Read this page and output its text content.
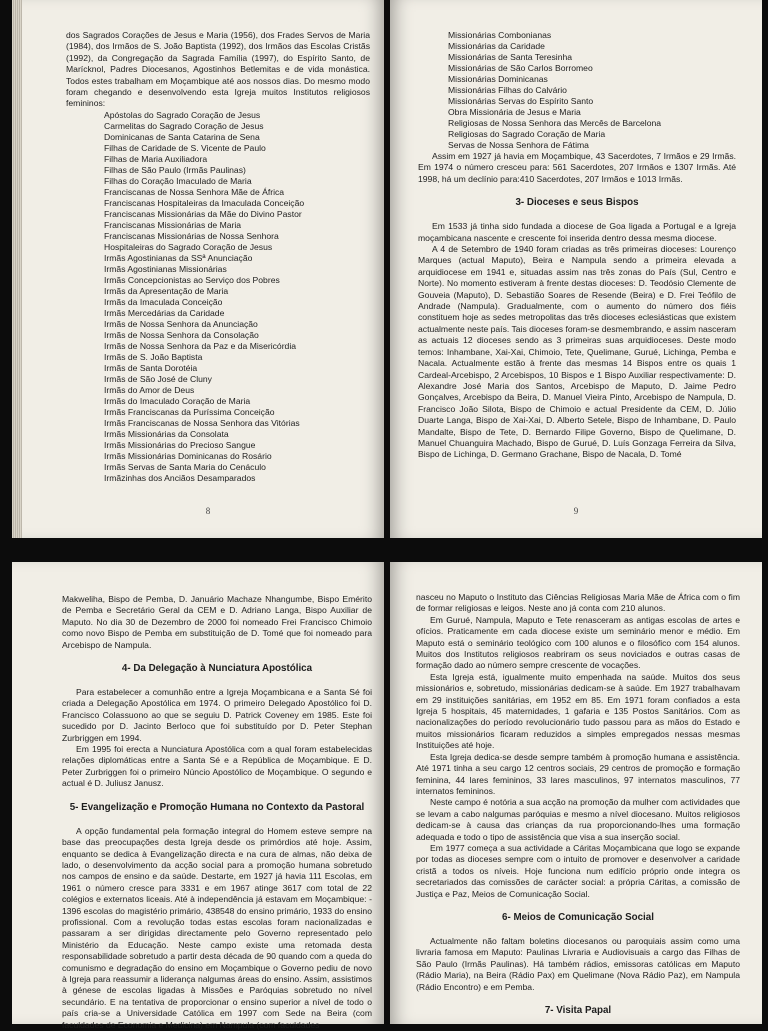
dos Sagrados Corações de Jesus e Maria (1956), dos Frades Servos de Maria (1984), dos Irmãos de S. João Baptista (1992), dos Irmãos das Escolas Cristãs (1992), da Congregação da Sagrada Família (1997), do Espírito Santo, de Marícknol, Padres Diocesanos, Agostinhos Betlemitas e de vida monástica. Todos estes trabalham em Moçambique até aos nossos dias. Do mesmo modo foram chegando e desenvolvendo esta Igreja muitos Institutos religiosos femininos:

Apóstolas do Sagrado Coração de Jesus
Carmelitas do Sagrado Coração de Jesus
Dominicanas de Santa Catarina de Sena
Filhas de Caridade de S. Vicente de Paulo
Filhas de Maria Auxiliadora
Filhas de São Paulo (Irmãs Paulinas)
Filhas do Coração Imaculado de Maria
Franciscanas de Nossa Senhora Mãe de África
Franciscanas Hospitaleiras da Imaculada Conceição
Franciscanas Missionárias da Mãe do Divino Pastor
Franciscanas Missionárias de Maria
Franciscanas Missionárias de Nossa Senhora
Hospitaleiras do Sagrado Coração de Jesus
Irmãs Agostinianas da SSª Anunciação
Irmãs Agostinianas Missionárias
Irmãs Concepcionistas ao Serviço dos Pobres
Irmãs da Apresentação de Maria
Irmãs da Imaculada Conceição
Irmãs Mercedárias da Caridade
Irmãs de Nossa Senhora da Anunciação
Irmãs de Nossa Senhora da Consolação
Irmãs de Nossa Senhora da Paz e da Misericórdia
Irmãs de S. João Baptista
Irmãs de Santa Dorotéia
Irmãs de São José de Cluny
Irmãs do Amor de Deus
Irmãs do Imaculado Coração de Maria
Irmãs Franciscanas da Puríssima Conceição
Irmãs Franciscanas de Nossa Senhora das Vitórias
Irmãs Missionárias da Consolata
Irmãs Missionárias do Precioso Sangue
Irmãs Missionárias Dominicanas do Rosário
Irmãs Servas de Santa Maria do Cenáculo
Irmãzinhas dos Anciãos Desamparados
8
Missionárias Combonianas
Missionárias da Caridade
Missionárias de Santa Teresinha
Missionárias de São Carlos Borromeo
Missionárias Dominicanas
Missionárias Filhas do Calvário
Missionárias Servas do Espírito Santo
Obra Missionária de Jesus e Maria
Religiosas de Nossa Senhora das Mercês de Barcelona
Religiosas do Sagrado Coração de Maria
Servas de Nossa Senhora de Fátima

Assim em 1927 já havia em Moçambique, 43 Sacerdotes, 7 Irmãos e 29 Irmãs. Em 1974 o número cresceu para: 561 Sacerdotes, 207 Irmãos e 1307 Irmãs. Até 1998, há um declínio para:410 Sacerdotes, 207 Irmãos e 1013 Irmãs.

3- Dioceses e seus Bispos

Em 1533 já tinha sido fundada a diocese de Goa ligada a Portugal e a Igreja moçambicana nascente e crescente foi inserida dentro dessa mesma diocese.

A 4 de Setembro de 1940 foram criadas as três primeiras dioceses: Lourenço Marques (actual Maputo), Beira e Nampula sendo a primeira elevada a arquidiocese em 1941 e, situadas assim nas três zonas do País (Sul, Centro e Norte). No momento estiveram à frente destas dioceses: D. Teodósio Clemente de Gouveia (Maputo), D. Sebastião Soares de Resende (Beira) e D. Frei Teófilo de Andrade (Nampula). Gradualmente, com o aumento do número dos fiéis constituem hoje as sedes metropolitas das três dioceses eclesiásticas que existem actualmente neste país. Tais dioceses foram-se desmembrando, e assim nasceram as actuais 12 dioceses sendo as 3 primeiras suas arquidioceses. Deste modo temos: Inhambane, Xai-Xai, Chimoio, Tete, Quelimane, Gurué, Lichinga, Pemba e Nacala. Actualmente estão à frente das mesmas 14 Bispos entre os quais 1 Cardeal-Arcebispo, 2 Arcebispos, 10 Bispos e 1 Bispo Auxiliar respectivamente: D. Alexandre José Maria dos Santos, Arcebispo de Maputo, D. Jaime Pedro Gonçalves, Arcebispo da Beira, D. Manuel Vieira Pinto, Arcebispo de Nampula, D. Francisco João Silota, Bispo de Chimoio e actual Presidente da CEM, D. Júlio Duarte Langa, Bispo de Xai-Xai, D. Alberto Setele, Bispo de Inhambane, D. Paulo Mandalte, Bispo de Tete, D. Bernardo Filipe Governo, Bispo de Quelimane, D. Manuel Chuanguira Machado, Bispo de Gurué, D. Luís Gonzaga Ferreira da Silva, Bispo de Lichinga, D. Germano Grachane, Bispo de Nacala, D. Tomé

9

Makweliha, Bispo de Pemba, D. Januário Machaze Nhangumbe, Bispo Emérito de Pemba e Secretário Geral da CEM e D. Adriano Langa, Bispo Auxiliar de Maputo. No dia 30 de Dezembro de 2000 foi nomeado Frei Francisco Chimoio como novo Bispo de Pemba em substituição de D. Tomé que foi nomeado para Arcebispo de Nampula.

4- Da Delegação à Nunciatura Apostólica

Para estabelecer a comunhão entre a Igreja Moçambicana e a Santa Sé foi criada a Delegação Apostólica em 1974. O primeiro Delegado Apostólico foi D. Francisco Colassuono ao que se seguiu D. Patrick Coveney em 1985. Este foi sucedido por D. Jacinto Berloco que foi substituído por D. Peter Stephan Zurbriggen em 1994.

Em 1995 foi erecta a Nunciatura Apostólica com a qual foram estabelecidas relações diplomáticas entre a Santa Sé e a República de Moçambique. E D. Peter Zurbriggen foi o primeiro Núncio Apostólico de Moçambique. O segundo e actual é D. Juliusz Janusz.

5- Evangelização e Promoção Humana no Contexto da Pastoral

A opção fundamental pela formação integral do Homem esteve sempre na base das preocupações desta Igreja desde os primórdios até hoje. Assim, enquanto se dedica à Evangelização directa e na cura de almas, não deixa de lado, o desenvolvimento da acção social para a promoção humana sobretudo nos campos de ensino e da saúde. Destarte, em 1927 já havia 111 Escolas, em 1961 o número cresce para 3331 e em 1967 atinge 3617 com total de 22 colégios e externatos liceais. Até à independência já estavam em Moçambique: - 1396 escolas do magistério primário, 438548 do ensino primário, 1933 do ensino profissional. Com a revolução todas estas escolas foram nacionalizadas e passaram a ser dirigidas directamente pelo Governo representado pelo Ministério da Educação. Neste campo existe uma retomada desta responsabilidade sobretudo a partir desta década de 90 quando com a queda do comunismo e degradação do ensino em Moçambique o Governo pediu de novo à Igreja para reassumir a liderança nalgumas áreas do ensino. Assim, assistimos à génese de escolas ligadas à Missões e Paróquias sobretudo no nível secundário. E na tentativa de proporcionar o ensino superior a nível de todo o país cria-se a Universidade Católica em 1997 com Sede na Beira (com faculdades de Economia e Medicina) em Nampula (com faculdades

nasceu no Maputo o Instituto das Ciências Religiosas Maria Mãe de África com o fim de formar religiosas e leigos. Neste ano já conta com 210 alunos.

Em Gurué, Nampula, Maputo e Tete renasceram as antigas escolas de artes e ofícios. Praticamente em cada diocese existe um seminário menor e médio. Em Maputo está o seminário teológico com 100 alunos e o filosófico com 154 alunos. Muitos dos Institutos religiosos reabriram os seus noviciados e outras casas de formação dado ao número sempre crescente de vocações.

Esta Igreja está, igualmente muito empenhada na saúde. Muitos dos seus missionários e, sobretudo, missionárias dedicam-se à saúde. Em 1927 trabalhavam em 29 instituições sanitárias, em 1952 em 85. Em 1971 foram confiados a esta Igreja 5 hospitais, 45 maternidades, 1 gafaria e 135 Postos Sanitários. Com as nacionalizações do período revolucionário tudo passou para as mãos do Estado e muitos missionários ficaram reduzidos a simples empregados nessas mesmas Instituições até hoje.

Esta Igreja dedica-se desde sempre também à promoção humana e assistência. Até 1971 tinha a seu cargo 12 centros sociais, 29 centros de promoção e formação feminina, 44 lares femininos, 33 lares masculinos, 97 internatos masculinos, 77 internatos femininos.

Neste campo é notória a sua acção na promoção da mulher com actividades que se levam a cabo nalgumas paróquias e mesmo a nível diocesano. Muitos religiosos dedicam-se à causa das crianças da rua proporcionando-lhes uma formação adequada e todo o tipo de assistência que visa a sua inserção social.

Em 1977 começa a sua actividade a Cáritas Moçambicana que logo se expande por todas as dioceses sempre com o intuito de promover e desenvolver a caridade cristã a todos os níveis. Hoje funciona num edifício próprio onde integra os secretariados das comissões de carácter social: a própria Cáritas, a comissão de Justiça e Paz, Meios de Comunicação Social.

6- Meios de Comunicação Social

Actualmente não faltam boletins diocesanos ou paroquiais assim como uma livraria famosa em Maputo: Paulinas Livraria e Audiovisuais a cargo das Filhas de São Paulo (Irmãs Paulinas). Há também rádios, emissoras católicas em Maputo (Rádio Maria), na Beira (Rádio Pax) em Quelimane (Nova Rádio Paz), em Nampula (Rádio Encontro) e em Pemba.

7- Visita Papal
